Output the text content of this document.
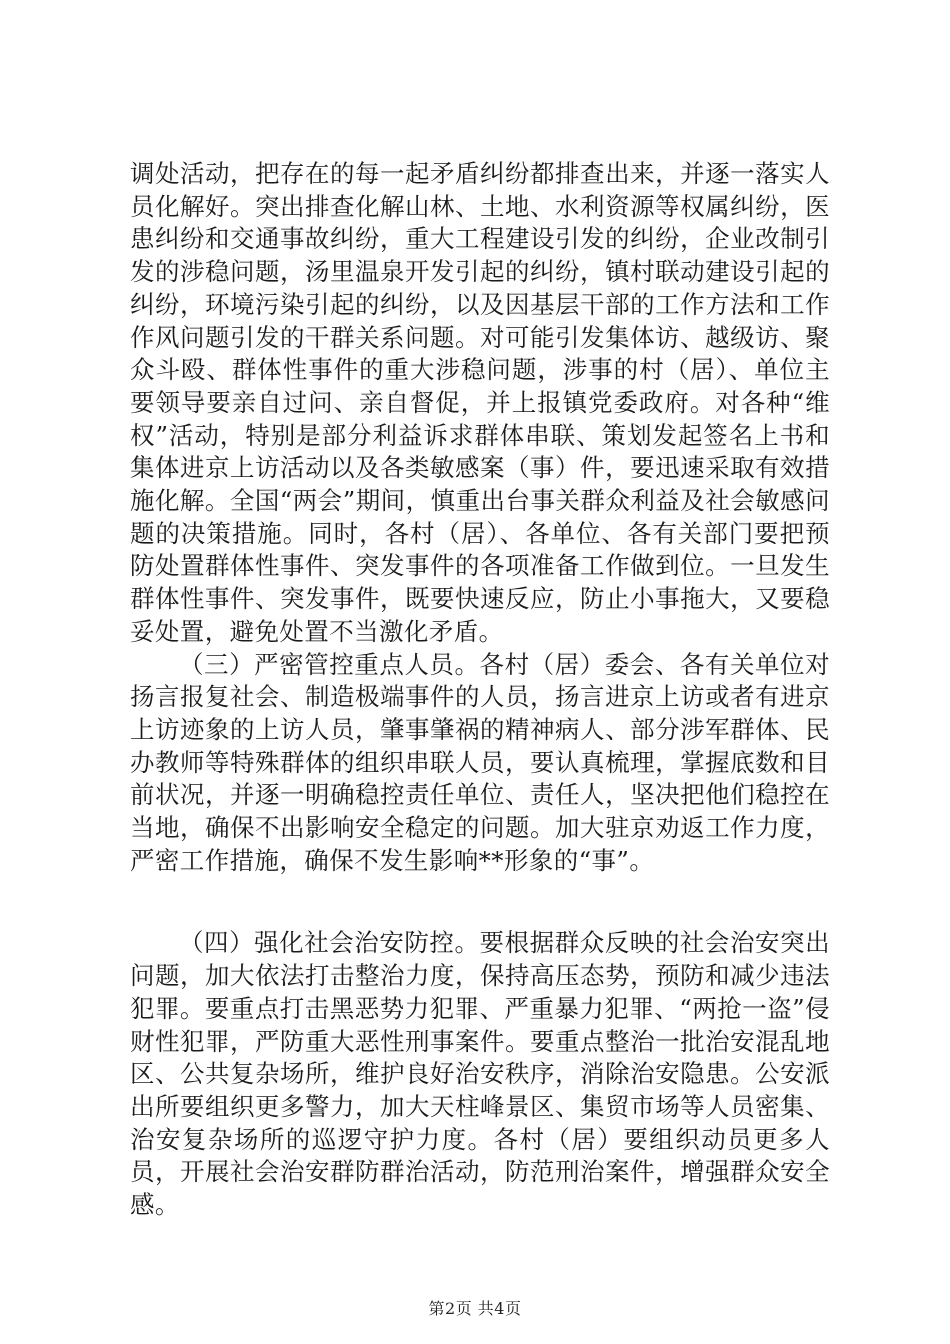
调处活动，把存在的每一起矛盾纠纷都排查出来，并逐一落实人员化解好。突出排查化解山林、土地、水利资源等权属纠纷，医患纠纷和交通事故纠纷，重大工程建设引发的纠纷，企业改制引发的涉稳问题，汤里温泉开发引起的纠纷，镇村联动建设引起的纠纷，环境污染引起的纠纷，以及因基层干部的工作方法和工作作风问题引发的干群关系问题。对可能引发集体访、越级访、聚众斗殴、群体性事件的重大涉稳问题，涉事的村（居）、单位主要领导要亲自过问、亲自督促，并上报镇党委政府。对各种“维权”活动，特别是部分利益诉求群体串联、策划发起签名上书和集体进京上访活动以及各类敏感案（事）件，要迅速采取有效措施化解。全国“两会”期间，慎重出台事关群众利益及社会敏感问题的决策措施。同时，各村（居）、各单位、各有关部门要把预防处置群体性事件、突发事件的各项准备工作做到位。一旦发生群体性事件、突发事件，既要快速反应，防止小事拖大，又要稳妥处置，避免处置不当激化矛盾。

（三）严密管控重点人员。各村（居）委会、各有关单位对扬言报复社会、制造极端事件的人员，扬言进京上访或者有进京上访迹象的上访人员，肇事肇祸的精神病人、部分涉军群体、民办教师等特殊群体的组织串联人员，要认真梳理，掌握底数和目前状况，并逐一明确稳控责任单位、责任人，坚决把他们稳控在当地，确保不出影响安全稳定的问题。加大驻京劝返工作力度，严密工作措施，确保不发生影响**形象的“事”。

（四）强化社会治安防控。要根据群众反映的社会治安突出问题，加大依法打击整治力度，保持高压态势，预防和减少违法犯罪。要重点打击黑恶势力犯罪、严重暴力犯罪、“两抢一盗”侵财性犯罪，严防重大恶性刑事案件。要重点整治一批治安混乱地区、公共复杂场所，维护良好治安秩序，消除治安隐患。公安派出所要组织更多警力，加大天柱峰景区、集贸市场等人员密集、治安复杂场所的巡逻守护力度。各村（居）要组织动员更多人员，开展社会治安群防群治活动，防范刑治案件，增强群众安全感。

第2页 共4页
